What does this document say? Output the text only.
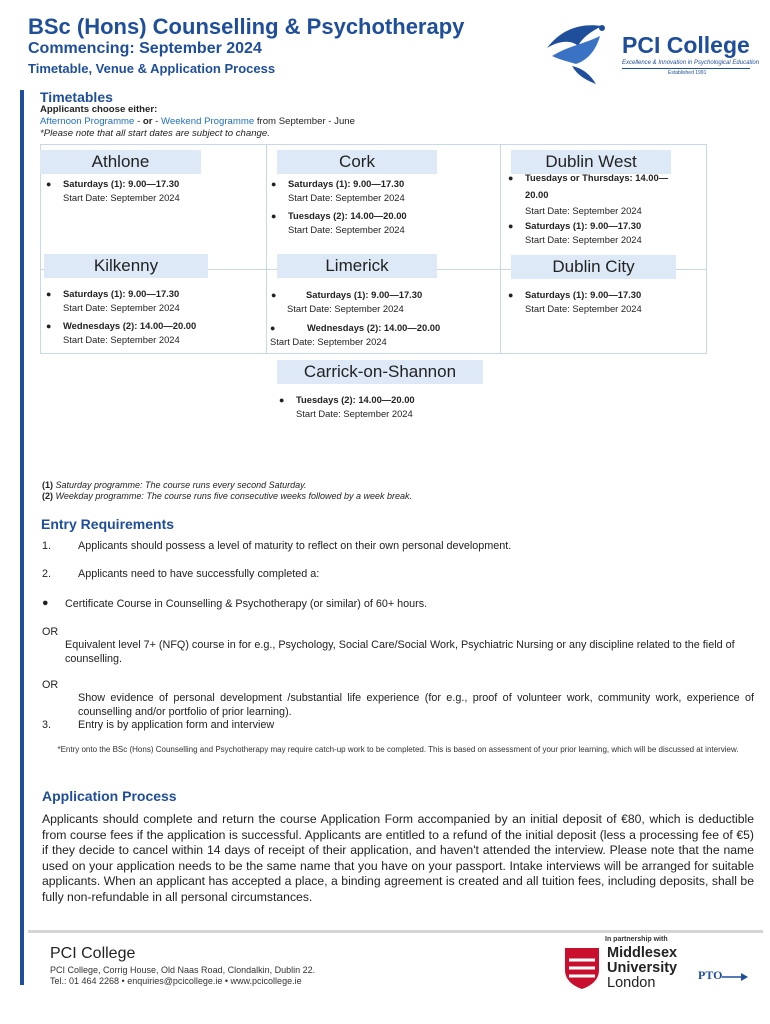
BSc (Hons) Counselling & Psychotherapy
Commencing: September 2024
Timetable, Venue & Application Process
PCI College
Excellence & Innovation in Psychological Education
Established 1991
Timetables
Applicants choose either:
Afternoon Programme - or - Weekend Programme from September - June
*Please note that all start dates are subject to change.
Athlone
● Saturdays (1): 9.00—17.30
Start Date: September 2024
Cork
● Saturdays (1): 9.00—17.30
Start Date: September 2024
● Tuesdays (2): 14.00—20.00
Start Date: September 2024
Dublin West
● Tuesdays or Thursdays: 14.00—
20.00
Start Date: September 2024
● Saturdays (1): 9.00—17.30
Start Date: September 2024
Kilkenny
● Saturdays (1): 9.00—17.30
Start Date: September 2024
● Wednesdays (2): 14.00—20.00
Start Date: September 2024
Limerick
●	Saturdays (1): 9.00—17.30
Start Date: September 2024
●	Wednesdays (2): 14.00—20.00
Start Date: September 2024
Dublin City
● Saturdays (1): 9.00—17.30
Start Date: September 2024
Carrick-on-Shannon
● Tuesdays (2): 14.00—20.00
Start Date: September 2024
(1) Saturday programme: The course runs every second Saturday.
(2) Weekday programme: The course runs five consecutive weeks followed by a week break.
Entry Requirements
1. Applicants should possess a level of maturity to reflect on their own personal development.
2. Applicants need to have successfully completed a:
● Certificate Course in Counselling & Psychotherapy (or similar) of 60+ hours.
OR
Equivalent level 7+ (NFQ) course in for e.g., Psychology, Social Care/Social Work, Psychiatric Nursing or any discipline related to the field of counselling.
OR
Show evidence of personal development /substantial life experience (for e.g., proof of volunteer work, community work, experience of counselling and/or portfolio of prior learning).
3. Entry is by application form and interview
*Entry onto the BSc (Hons) Counselling and Psychotherapy may require catch-up work to be completed. This is based on assessment of your prior learning, which will be discussed at interview.
Application Process
Applicants should complete and return the course Application Form accompanied by an initial deposit of €80, which is deductible from course fees if the application is successful. Applicants are entitled to a refund of the initial deposit (less a processing fee of €5) if they decide to cancel within 14 days of receipt of their application, and haven't attended the interview. Please note that the name used on your application needs to be the same name that you have on your passport. Intake interviews will be arranged for suitable applicants. When an applicant has accepted a place, a binding agreement is created and all tuition fees, including deposits, shall be fully non-refundable in all personal circumstances.
PCI College
PCI College, Corrig House, Old Naas Road, Clondalkin, Dublin 22.
Tel.: 01 464 2268 • enquiries@pcicollege.ie • www.pcicollege.ie
In partnership with
Middlesex
University
London	PTO
